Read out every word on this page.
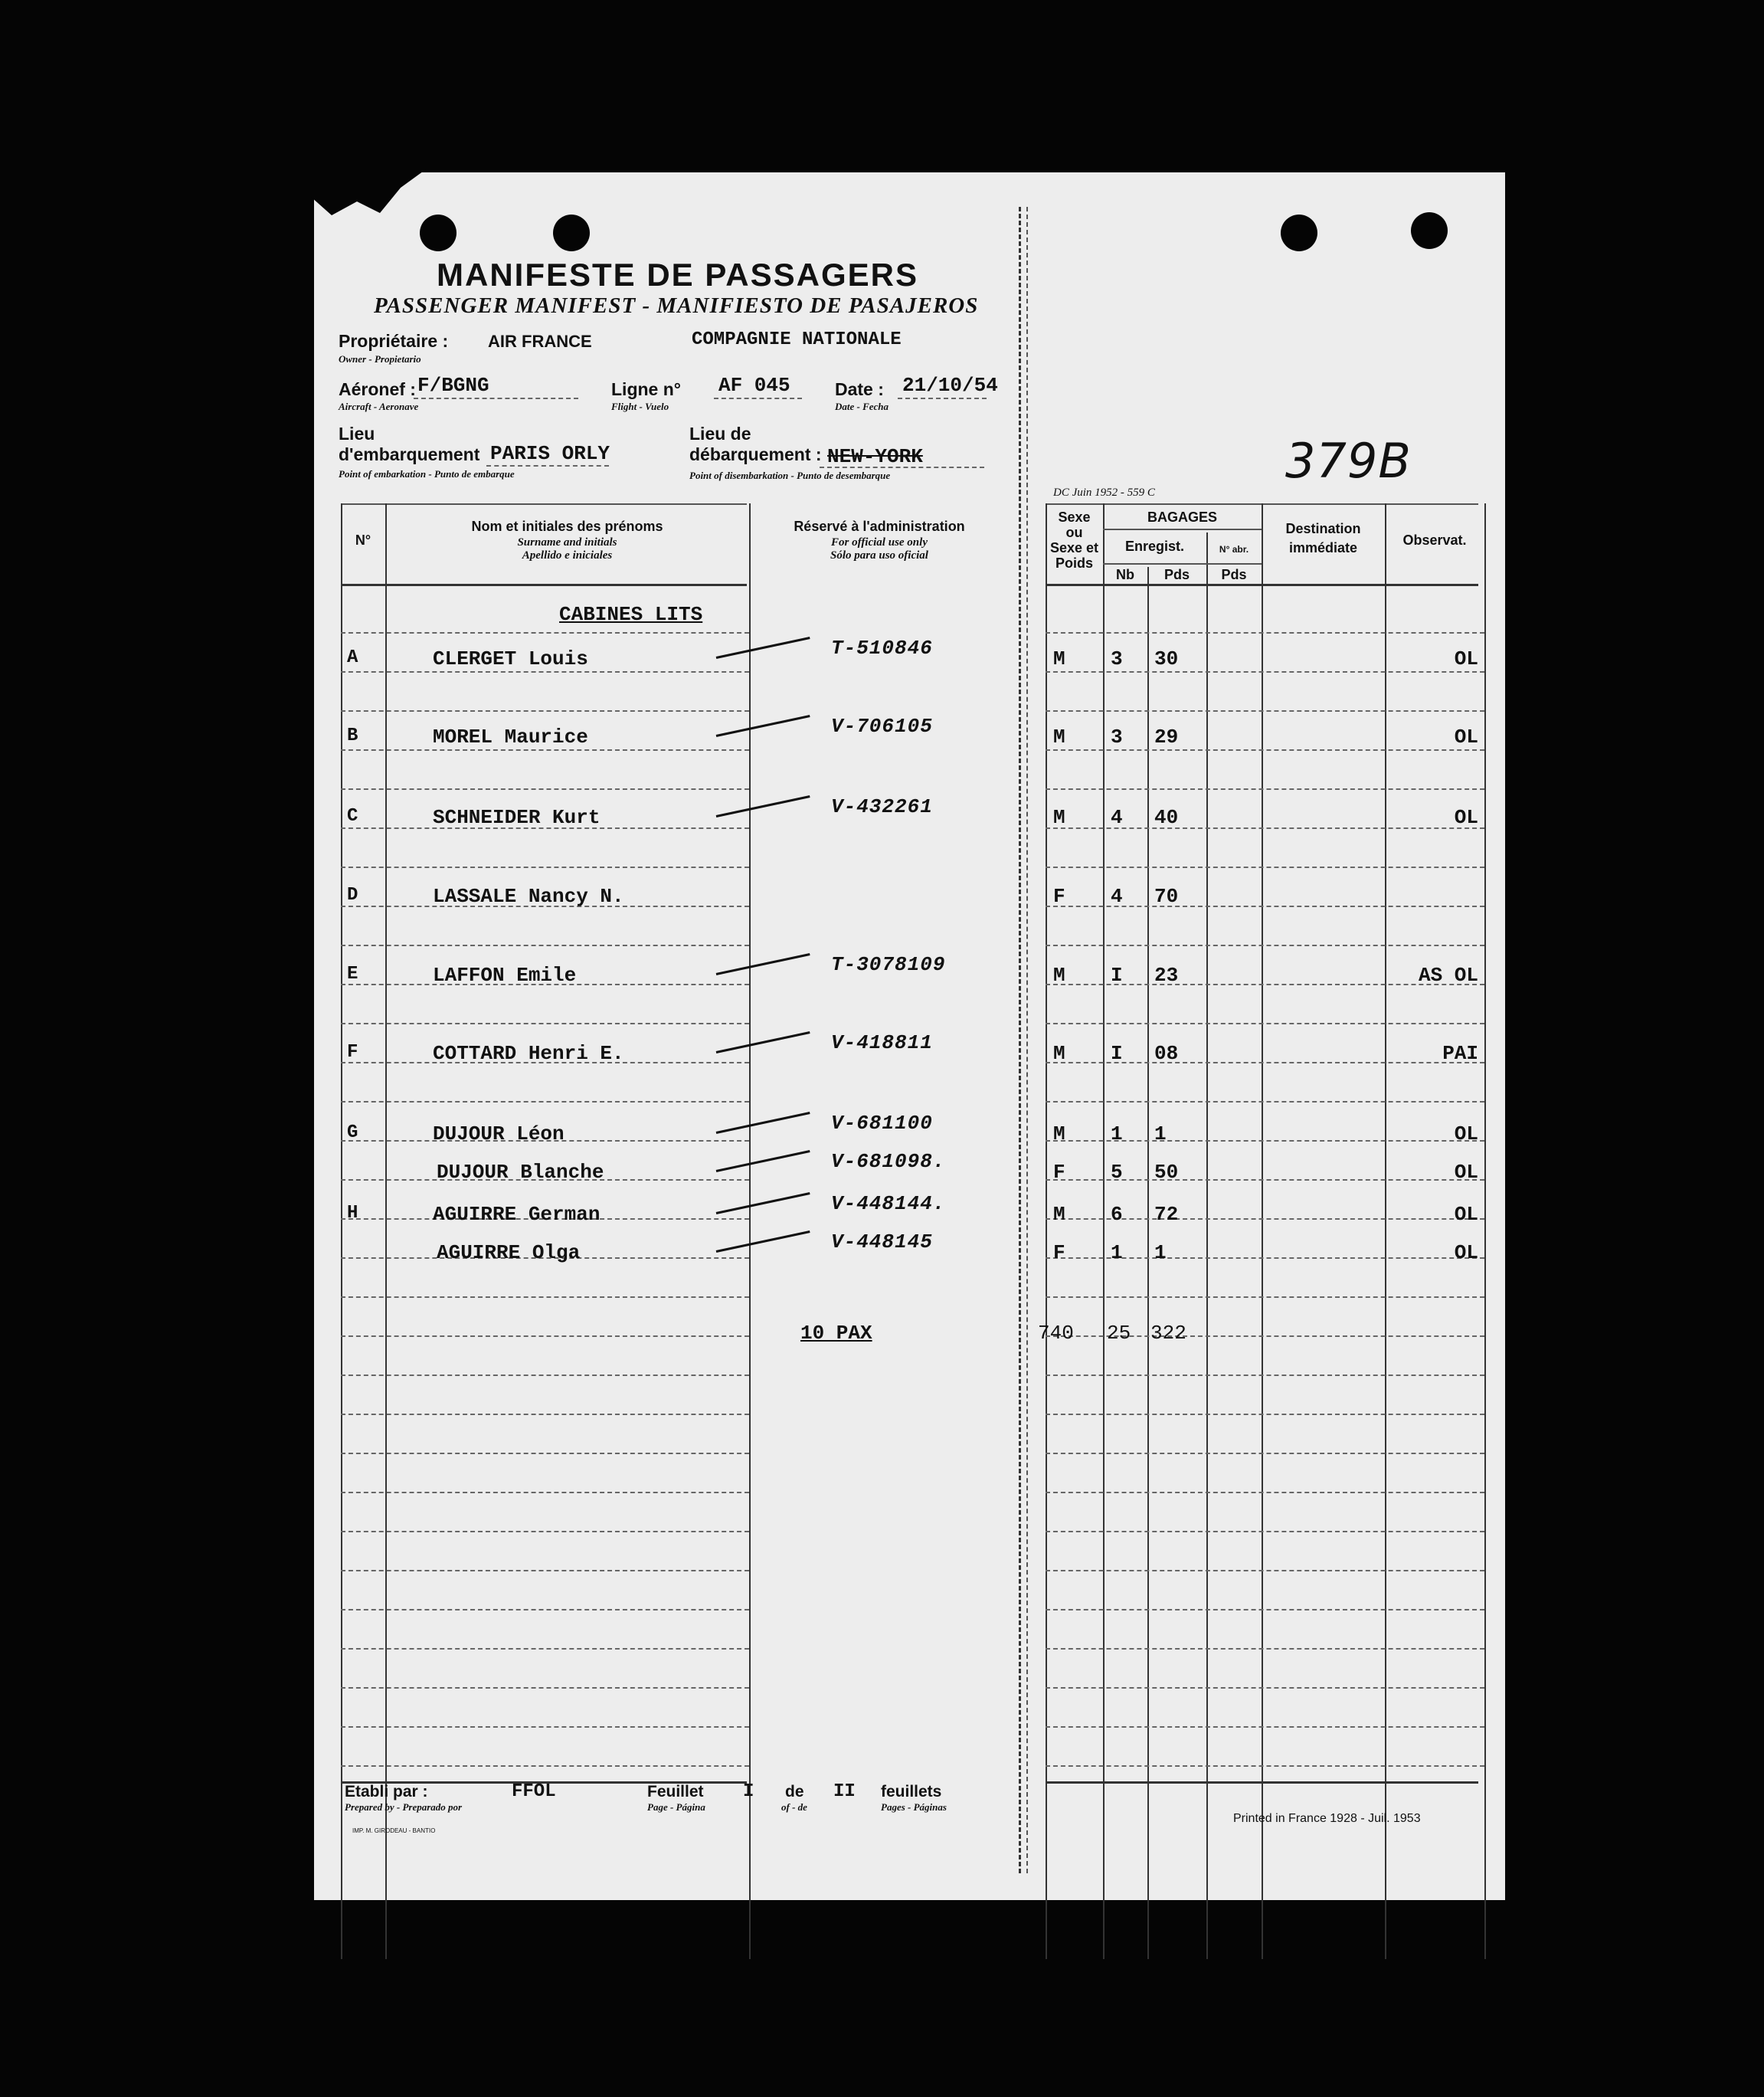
MANIFESTE DE PASSAGERS
PASSENGER MANIFEST - MANIFIESTO DE PASAJEROS
Propriétaire : AIR FRANCE	COMPAGNIE NATIONALE
Owner - Propietario
Aéronef : F/BGNG
Aircraft - Aeronave
Ligne n° AF 045
Flight - Vuelo
Date : 21/10/54
Date - Fecha
Lieu
d'embarquement PARIS ORLY
Point of embarkation - Punto de embarque
Lieu de
débarquement : NEW-YORK
Point of disembarkation - Punto de desembarque
DC Juin 1952 - 559 C
379B
N°
Nom et initiales des prénoms
Surname and initials
Apellido e iniciales
Réservé à l'administration
For official use only
Sólo para uso oficial
Sexe
ou
Sexe et
Poids
BAGAGES
Enregist.	N° abr.
Nb	Pds	Pds
Destination
immédiate	Observat.
CABINES LITS
A	CLERGET Louis	T-510846	M 3 30	OL
B	MOREL Maurice	V-706105	M 3 29	OL
C	SCHNEIDER Kurt	V-432261	M 4 40	OL
D	LASSALE Nancy N.	F 4 70
E	LAFFON Emile	T-3078109	M I 23	AS OL
F	COTTARD Henri E.	V-418811	M I 08	PAI
G	DUJOUR Léon	V-681100	M 1 1	OL
DUJOUR Blanche	V-681098.	F 5 50	OL
H	AGUIRRE German	V-448144.	M 6 72	OL
AGUIRRE Olga	V-448145	F 1 1	OL
10 PAX	740 25 322
Etabli par :
Prepared by - Preparado por
FFOL	Feuillet
Page - Página
I de
of - de
II feuillets
Pages - Páginas
IMP. M. GIRODEAU - BANTIO
Printed in France 1928 - Juil. 1953
